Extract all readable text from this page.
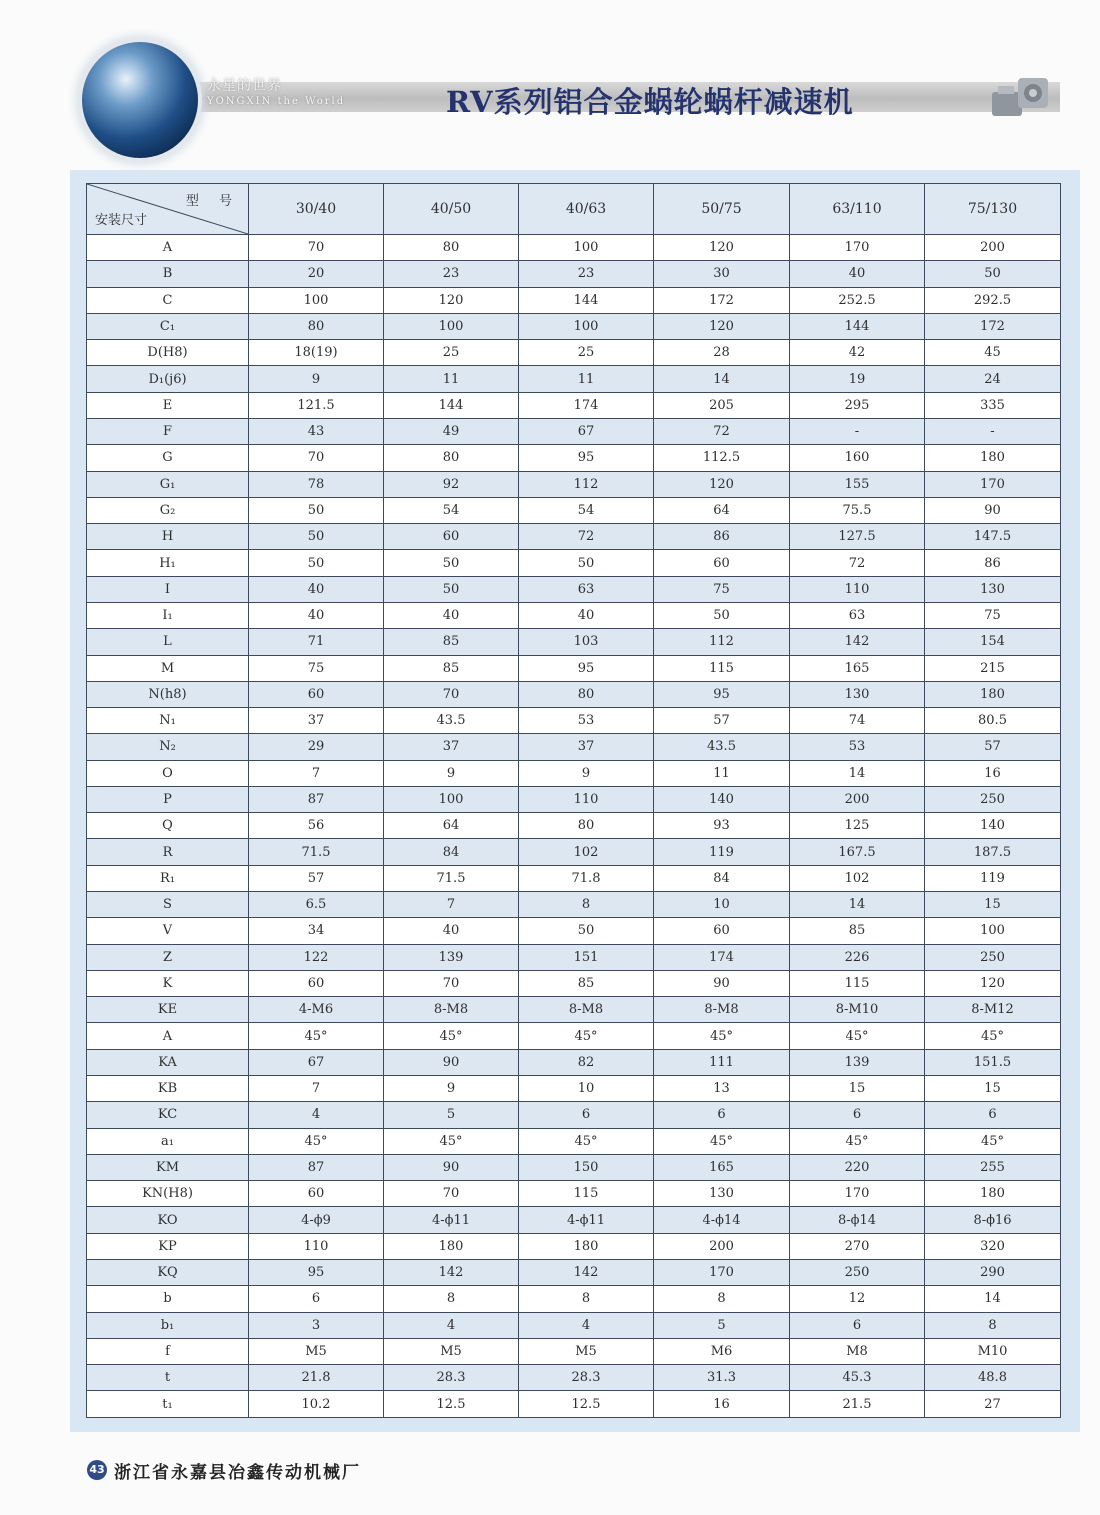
永星的世界
YONGXIN the World	RV系列铝合金蜗轮蜗杆减速机
型 号
安装尺寸	30/40	40/50	40/63	50/75	63/110	75/130
A	70	80	100	120	170	200
B	20	23	23	30	40	50
C	100	120	144	172	252.5	292.5
C₁	80	100	100	120	144	172
D(H8)	18(19)	25	25	28	42	45
D₁(j6)	9	11	11	14	19	24
E	121.5	144	174	205	295	335
F	43	49	67	72	-	-
G	70	80	95	112.5	160	180
G₁	78	92	112	120	155	170
G₂	50	54	54	64	75.5	90
H	50	60	72	86	127.5	147.5
H₁	50	50	50	60	72	86
I	40	50	63	75	110	130
I₁	40	40	40	50	63	75
L	71	85	103	112	142	154
M	75	85	95	115	165	215
N(h8)	60	70	80	95	130	180
N₁	37	43.5	53	57	74	80.5
N₂	29	37	37	43.5	53	57
O	7	9	9	11	14	16
P	87	100	110	140	200	250
Q	56	64	80	93	125	140
R	71.5	84	102	119	167.5	187.5
R₁	57	71.5	71.8	84	102	119
S	6.5	7	8	10	14	15
V	34	40	50	60	85	100
Z	122	139	151	174	226	250
K	60	70	85	90	115	120
KE	4-M6	8-M8	8-M8	8-M8	8-M10	8-M12
A	45°	45°	45°	45°	45°	45°
KA	67	90	82	111	139	151.5
KB	7	9	10	13	15	15
KC	4	5	6	6	6	6
a₁	45°	45°	45°	45°	45°	45°
KM	87	90	150	165	220	255
KN(H8)	60	70	115	130	170	180
KO	4-ϕ9	4-ϕ11	4-ϕ11	4-ϕ14	8-ϕ14	8-ϕ16
KP	110	180	180	200	270	320
KQ	95	142	142	170	250	290
b	6	8	8	8	12	14
b₁	3	4	4	5	6	8
f	M5	M5	M5	M6	M8	M10
t	21.8	28.3	28.3	31.3	45.3	48.8
t₁	10.2	12.5	12.5	16	21.5	27
43 浙江省永嘉县冶鑫传动机械厂
